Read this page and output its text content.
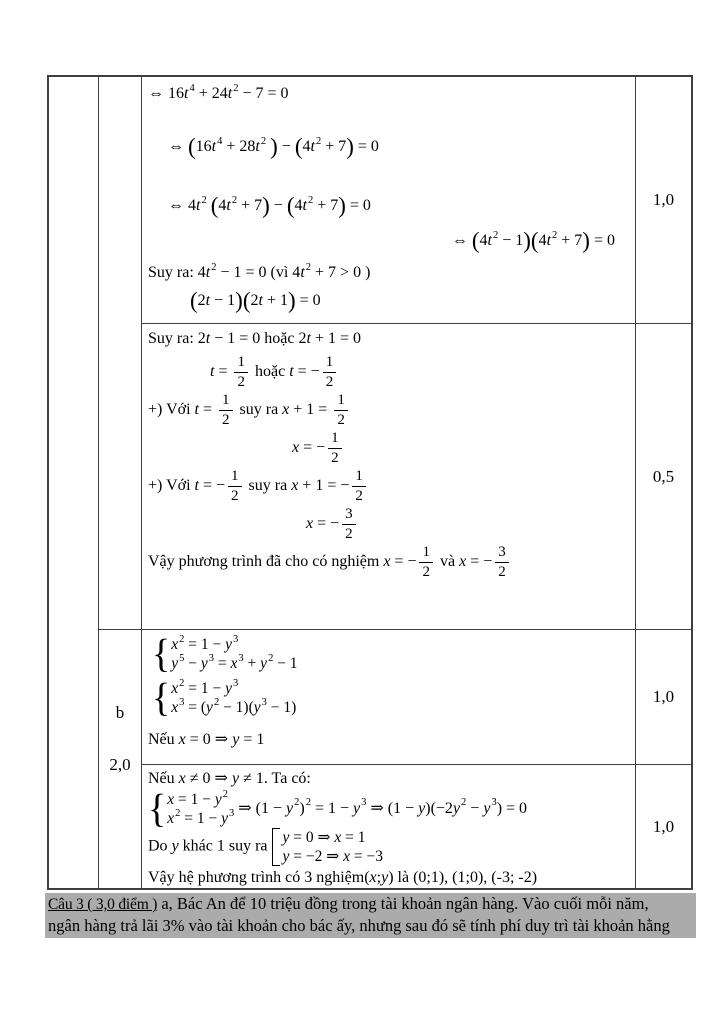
b
2,0
⇔ $16t^4 + 24t^2 - 7 = 0$
⇔ ($16t^4 + 28t^2$ ) − $(4t^2 + 7) = 0$
⇔ $4t^2$ $(4t^2 + 7) - (4t^2 + 7) = 0$
⇔ $(4t^2 - 1)(4t^2 + 7) = 0$
Suy ra: $4t^2 - 1 = 0$ (vì $4t^2 + 7 > 0$ )
(2t − 1)(2t + 1) = 0
Suy ra: 2t − 1 = 0 hoặc 2t + 1 = 0
$t = \frac{1}{2}$ hoặc t = − $\frac{1}{2}$
+) Với $t = \frac{1}{2}$ suy ra $x + 1 = \frac{1}{2}$
x = − $\frac{1}{2}$
+) Với t = − $\frac{1}{2}$ suy ra x + 1 = − $\frac{1}{2}$
x = − $\frac{3}{2}$
Vậy phương trình đã cho có nghiệm x = − $\frac{1}{2}$ và x = − $\frac{3}{2}$
{ $x^2 = 1 - y^3$
$y^5 - y^3 = x^3 + y^2 - 1$
{ $x^2 = 1 - y^3$
$x^3 = (y^2 - 1)(y^3 - 1)$
Nếu x = 0 ⇒ y = 1
Nếu x ≠ 0 ⇒ y ≠ 1. Ta có:
{ $x = 1 - y^2$
$x^2 = 1 - y^3$ ⇒ $(1 - y^2)^2 = 1 - y^3$ ⇒ $(1 - y)(-2y^2 - y^3) = 0$
Do y khác 1 suy ra
y = 0 ⇒ x = 1
y = −2 ⇒ x = −3
Vậy hệ phương trình có 3 nghiệm(x;y) là (0;1), (1;0), (-3; -2)
1,0
0,5
1,0
1,0
Câu 3 ( 3,0 điểm ) a, Bác An để 10 triệu đồng trong tài khoản ngân hàng. Vào cuối mỗi năm,
ngân hàng trả lãi 3% vào tài khoản cho bác ấy, nhưng sau đó sẽ tính phí duy trì tài khoản hằng
